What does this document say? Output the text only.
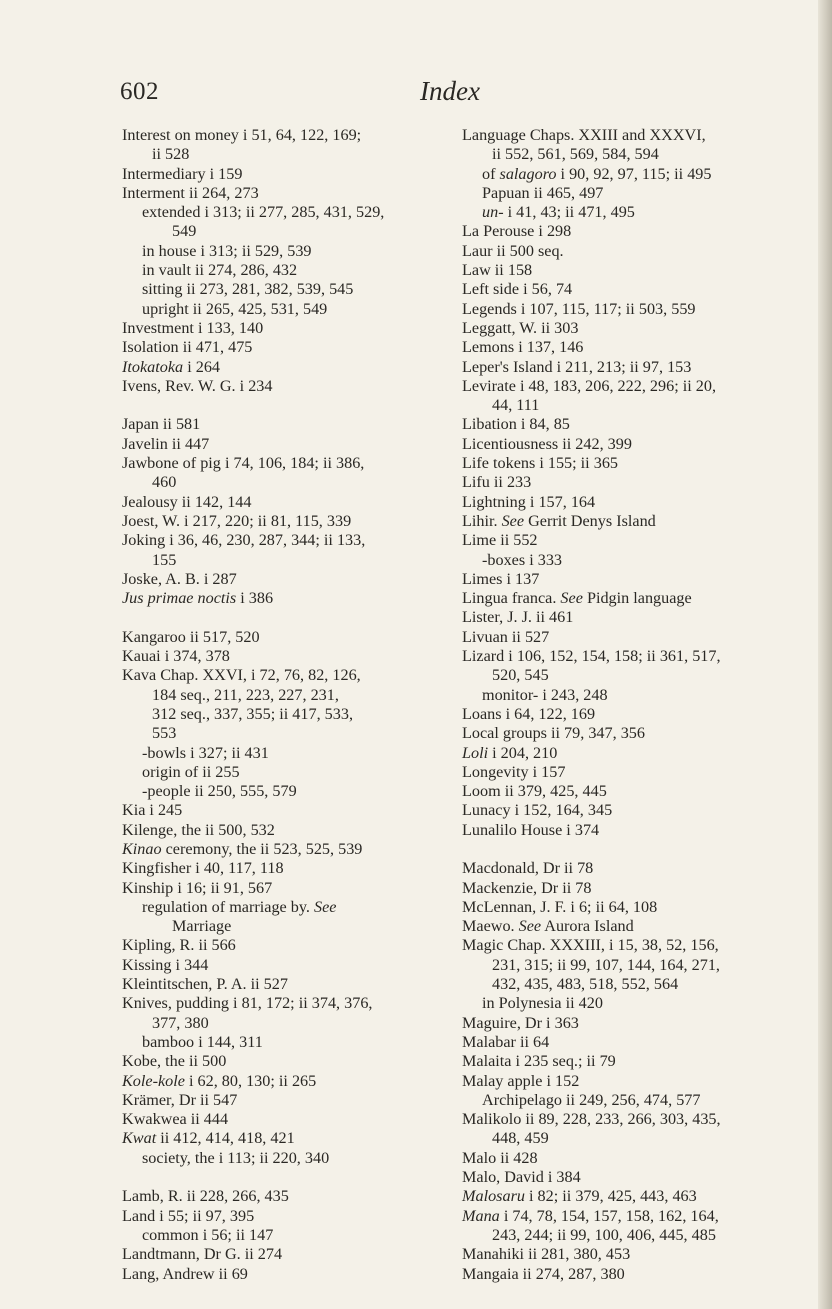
602	Index
Interest on money i 51, 64, 122, 169;
ii 528
Intermediary i 159
Interment ii 264, 273
extended i 313; ii 277, 285, 431, 529,
549
in house i 313; ii 529, 539
in vault ii 274, 286, 432
sitting ii 273, 281, 382, 539, 545
upright ii 265, 425, 531, 549
Investment i 133, 140
Isolation ii 471, 475
Itokatoka i 264
Ivens, Rev. W. G. i 234
Japan ii 581
Javelin ii 447
Jawbone of pig i 74, 106, 184; ii 386,
460
Jealousy ii 142, 144
Joest, W. i 217, 220; ii 81, 115, 339
Joking i 36, 46, 230, 287, 344; ii 133,
155
Joske, A. B. i 287
Jus primae noctis i 386
Kangaroo ii 517, 520
Kauai i 374, 378
Kava Chap. XXVI, i 72, 76, 82, 126,
184 seq., 211, 223, 227, 231,
312 seq., 337, 355; ii 417, 533,
553
-bowls i 327; ii 431
origin of ii 255
-people ii 250, 555, 579
Kia i 245
Kilenge, the ii 500, 532
Kinao ceremony, the ii 523, 525, 539
Kingfisher i 40, 117, 118
Kinship i 16; ii 91, 567
regulation of marriage by. See
Marriage
Kipling, R. ii 566
Kissing i 344
Kleintitschen, P. A. ii 527
Knives, pudding i 81, 172; ii 374, 376,
377, 380
bamboo i 144, 311
Kobe, the ii 500
Kole-kole i 62, 80, 130; ii 265
Krämer, Dr ii 547
Kwakwea ii 444
Kwat ii 412, 414, 418, 421
society, the i 113; ii 220, 340
Lamb, R. ii 228, 266, 435
Land i 55; ii 97, 395
common i 56; ii 147
Landtmann, Dr G. ii 274
Lang, Andrew ii 69
Language Chaps. XXIII and XXXVI,
ii 552, 561, 569, 584, 594
of salagoro i 90, 92, 97, 115; ii 495
Papuan ii 465, 497
un- i 41, 43; ii 471, 495
La Perouse i 298
Laur ii 500 seq.
Law ii 158
Left side i 56, 74
Legends i 107, 115, 117; ii 503, 559
Leggatt, W. ii 303
Lemons i 137, 146
Leper's Island i 211, 213; ii 97, 153
Levirate i 48, 183, 206, 222, 296; ii 20,
44, 111
Libation i 84, 85
Licentiousness ii 242, 399
Life tokens i 155; ii 365
Lifu ii 233
Lightning i 157, 164
Lihir. See Gerrit Denys Island
Lime ii 552
-boxes i 333
Limes i 137
Lingua franca. See Pidgin language
Lister, J. J. ii 461
Livuan ii 527
Lizard i 106, 152, 154, 158; ii 361, 517,
520, 545
monitor- i 243, 248
Loans i 64, 122, 169
Local groups ii 79, 347, 356
Loli i 204, 210
Longevity i 157
Loom ii 379, 425, 445
Lunacy i 152, 164, 345
Lunalilo House i 374
Macdonald, Dr ii 78
Mackenzie, Dr ii 78
McLennan, J. F. i 6; ii 64, 108
Maewo. See Aurora Island
Magic Chap. XXXIII, i 15, 38, 52, 156,
231, 315; ii 99, 107, 144, 164, 271,
432, 435, 483, 518, 552, 564
in Polynesia ii 420
Maguire, Dr i 363
Malabar ii 64
Malaita i 235 seq.; ii 79
Malay apple i 152
Archipelago ii 249, 256, 474, 577
Malikolo ii 89, 228, 233, 266, 303, 435,
448, 459
Malo ii 428
Malo, David i 384
Malosaru i 82; ii 379, 425, 443, 463
Mana i 74, 78, 154, 157, 158, 162, 164,
243, 244; ii 99, 100, 406, 445, 485
Manahiki ii 281, 380, 453
Mangaia ii 274, 287, 380
